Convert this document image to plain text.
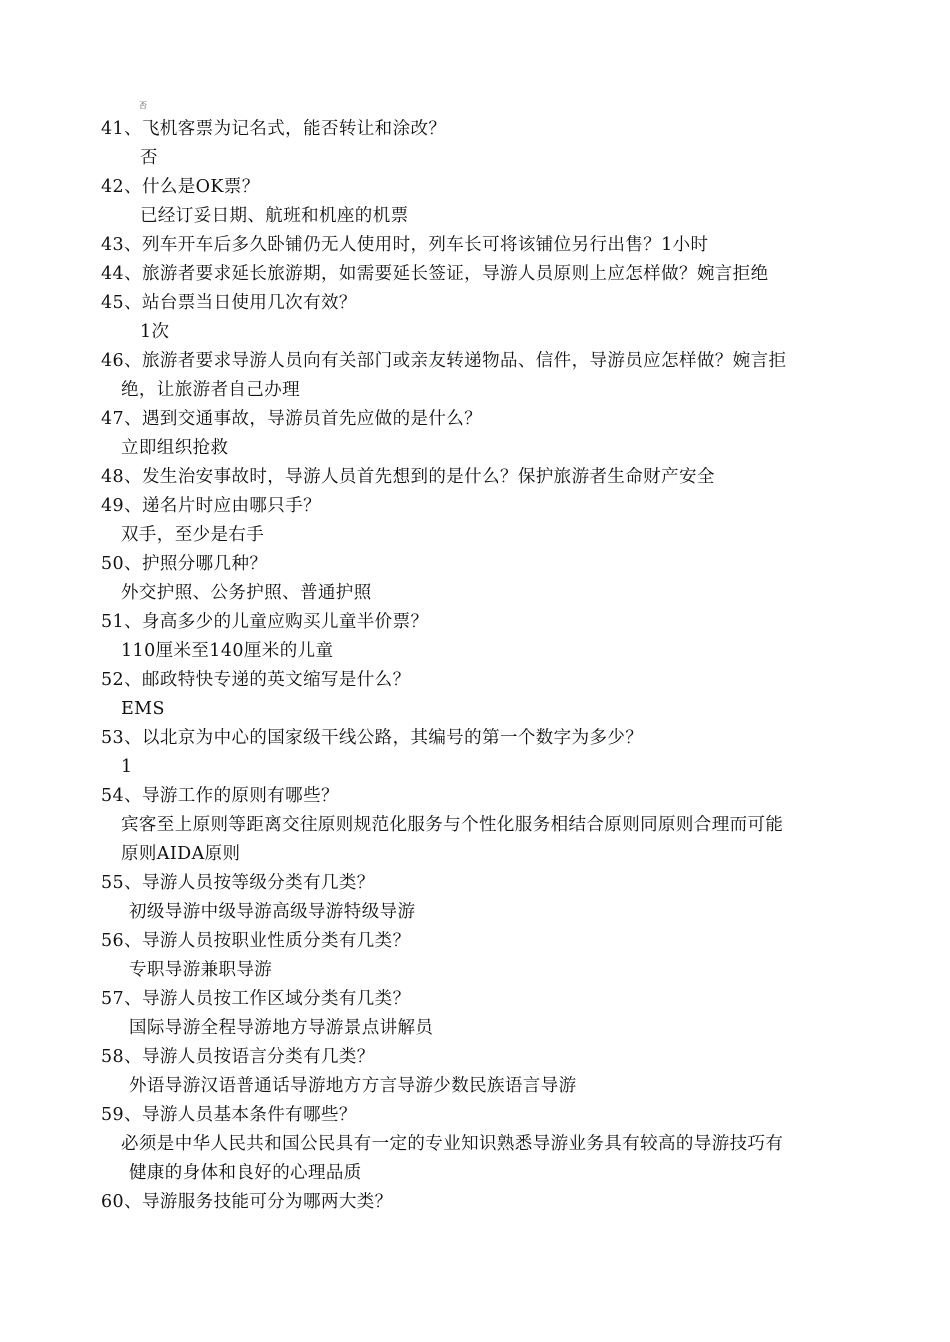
否
41、飞机客票为记名式，能否转让和涂改？
否
42、什么是OK票？
已经订妥日期、航班和机座的机票
43、列车开车后多久卧铺仍无人使用时，列车长可将该铺位另行出售？1小时
44、旅游者要求延长旅游期，如需要延长签证，导游人员原则上应怎样做？婉言拒绝
45、站台票当日使用几次有效？
1次
46、旅游者要求导游人员向有关部门或亲友转递物品、信件，导游员应怎样做？婉言拒
绝，让旅游者自己办理
47、遇到交通事故，导游员首先应做的是什么？
立即组织抢救
48、发生治安事故时，导游人员首先想到的是什么？保护旅游者生命财产安全
49、递名片时应由哪只手？
双手，至少是右手
50、护照分哪几种？
外交护照、公务护照、普通护照
51、身高多少的儿童应购买儿童半价票？
110厘米至140厘米的儿童
52、邮政特快专递的英文缩写是什么？
EMS
53、以北京为中心的国家级干线公路，其编号的第一个数字为多少？
1
54、导游工作的原则有哪些？
宾客至上原则等距离交往原则规范化服务与个性化服务相结合原则同原则合理而可能
原则AIDA原则
55、导游人员按等级分类有几类？
初级导游中级导游高级导游特级导游
56、导游人员按职业性质分类有几类？
专职导游兼职导游
57、导游人员按工作区域分类有几类？
国际导游全程导游地方导游景点讲解员
58、导游人员按语言分类有几类？
外语导游汉语普通话导游地方方言导游少数民族语言导游
59、导游人员基本条件有哪些？
必须是中华人民共和国公民具有一定的专业知识熟悉导游业务具有较高的导游技巧有
健康的身体和良好的心理品质
60、导游服务技能可分为哪两大类？
